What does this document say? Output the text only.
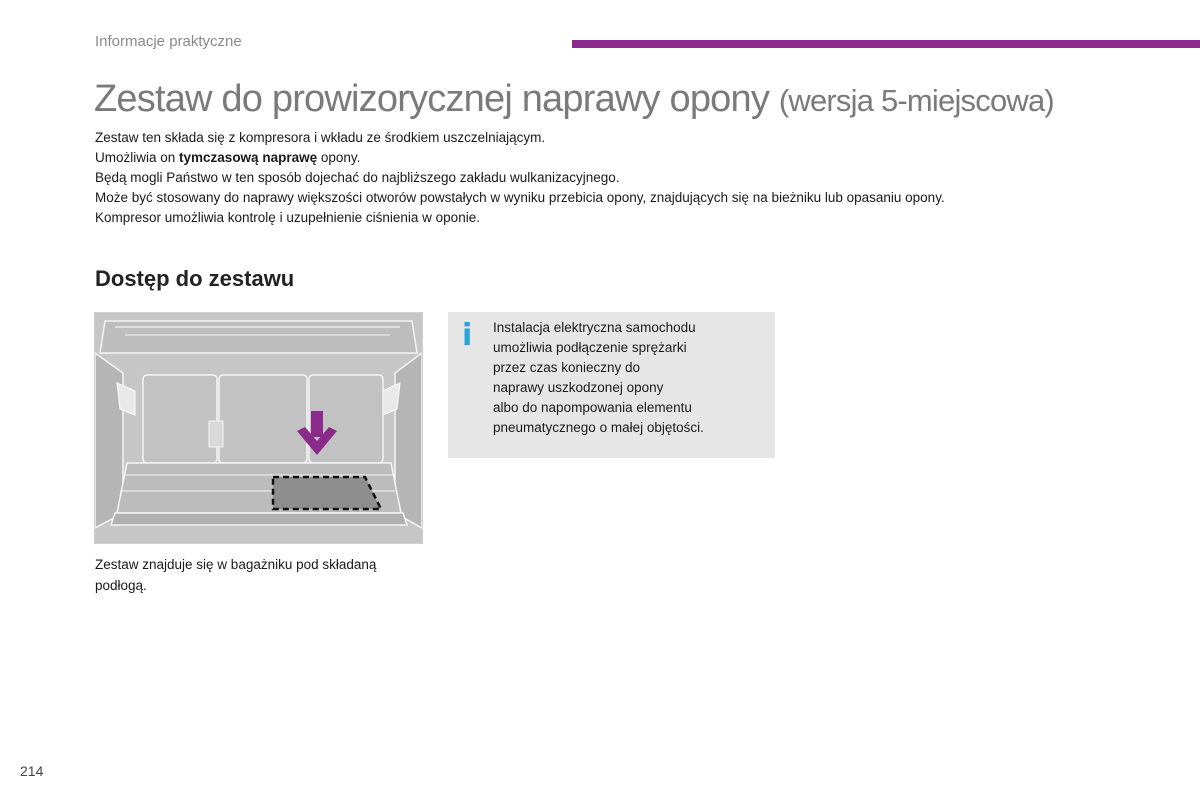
Informacje praktyczne
Zestaw do prowizorycznej naprawy opony (wersja 5-miejscowa)

Zestaw ten składa się z kompresora i wkładu ze środkiem uszczelniającym.

Umożliwia on tymczasową naprawę opony.

Będą mogli Państwo w ten sposób dojechać do najbliższego zakładu wulkanizacyjnego.

Może być stosowany do naprawy większości otworów powstałych w wyniku przebicia opony, znajdujących się na bieżniku lub opasaniu opony.

Kompresor umożliwia kontrolę i uzupełnienie ciśnienia w oponie.

Dostęp do zestawu
Zestaw znajduje się w bagażniku pod składaną podłogą.
i Instalacja elektryczna samochodu
umożliwia podłączenie sprężarki
przez czas konieczny do
naprawy uszkodzonej opony
albo do napompowania elementu
pneumatycznego o małej objętości.
214
